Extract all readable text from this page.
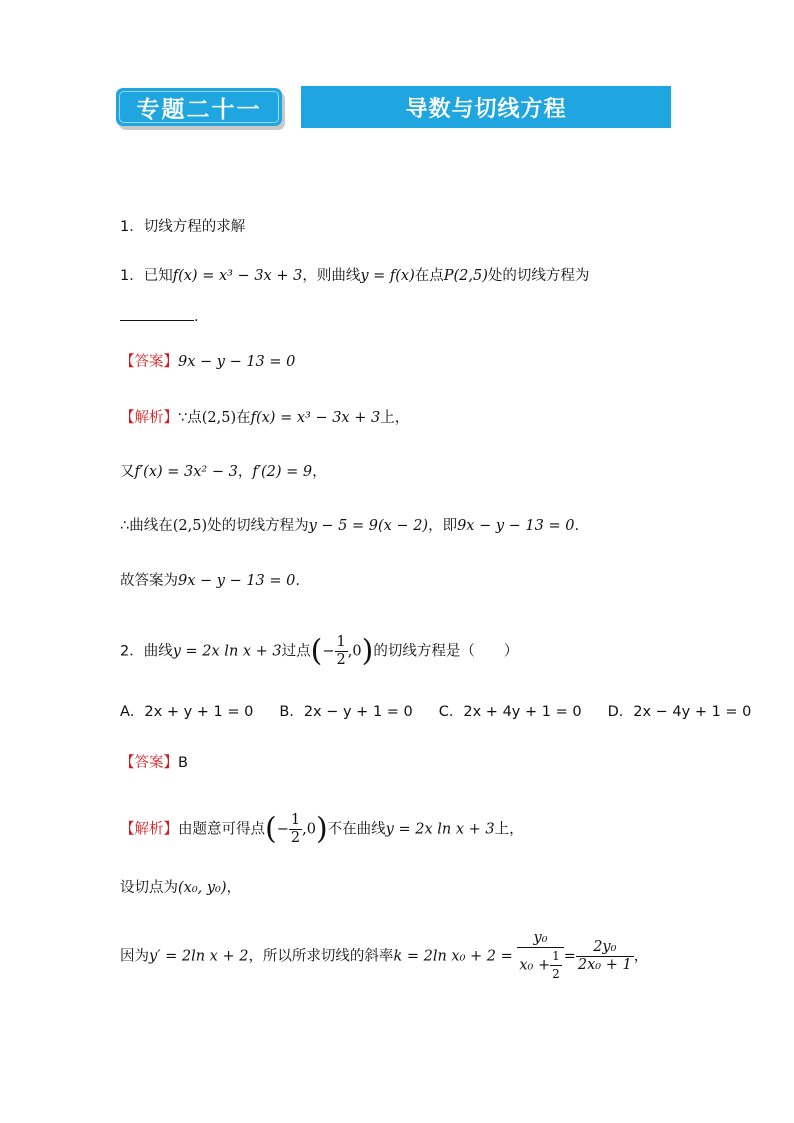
专题二十一	导数与切线方程
1．切线方程的求解
1．已知f(x) = x³ − 3x + 3，则曲线y = f(x)在点P(2,5)处的切线方程为
.
【答案】9x − y − 13 = 0
【解析】∵点(2,5)在f(x) = x³ − 3x + 3上，
又f′(x) = 3x² − 3，f′(2) = 9，
∴曲线在(2,5)处的切线方程为y − 5 = 9(x − 2)，即9x − y − 13 = 0.
故答案为9x − y − 13 = 0.
2．曲线y = 2x ln x + 3过点(− $\frac{1}{2} ,0$)的切线方程是（　　）
A．2x + y + 1 = 0 B．2x − y + 1 = 0 C．2x + 4y + 1 = 0 D．2x − 4y + 1 = 0
【答案】B
【解析】由题意可得点(− $\frac{1}{2} ,0$)不在曲线y = 2x ln x + 3上，
设切点为(x₀, y₀)，
因为y′ = 2ln x + 2，所以所求切线的斜率k = 2ln $x_0 + 2 = \frac{\text{y₀}}{x_0 + \frac{1}{2}} = \frac{\text{2y₀}}{\text{2x₀ + 1}}$ ，
